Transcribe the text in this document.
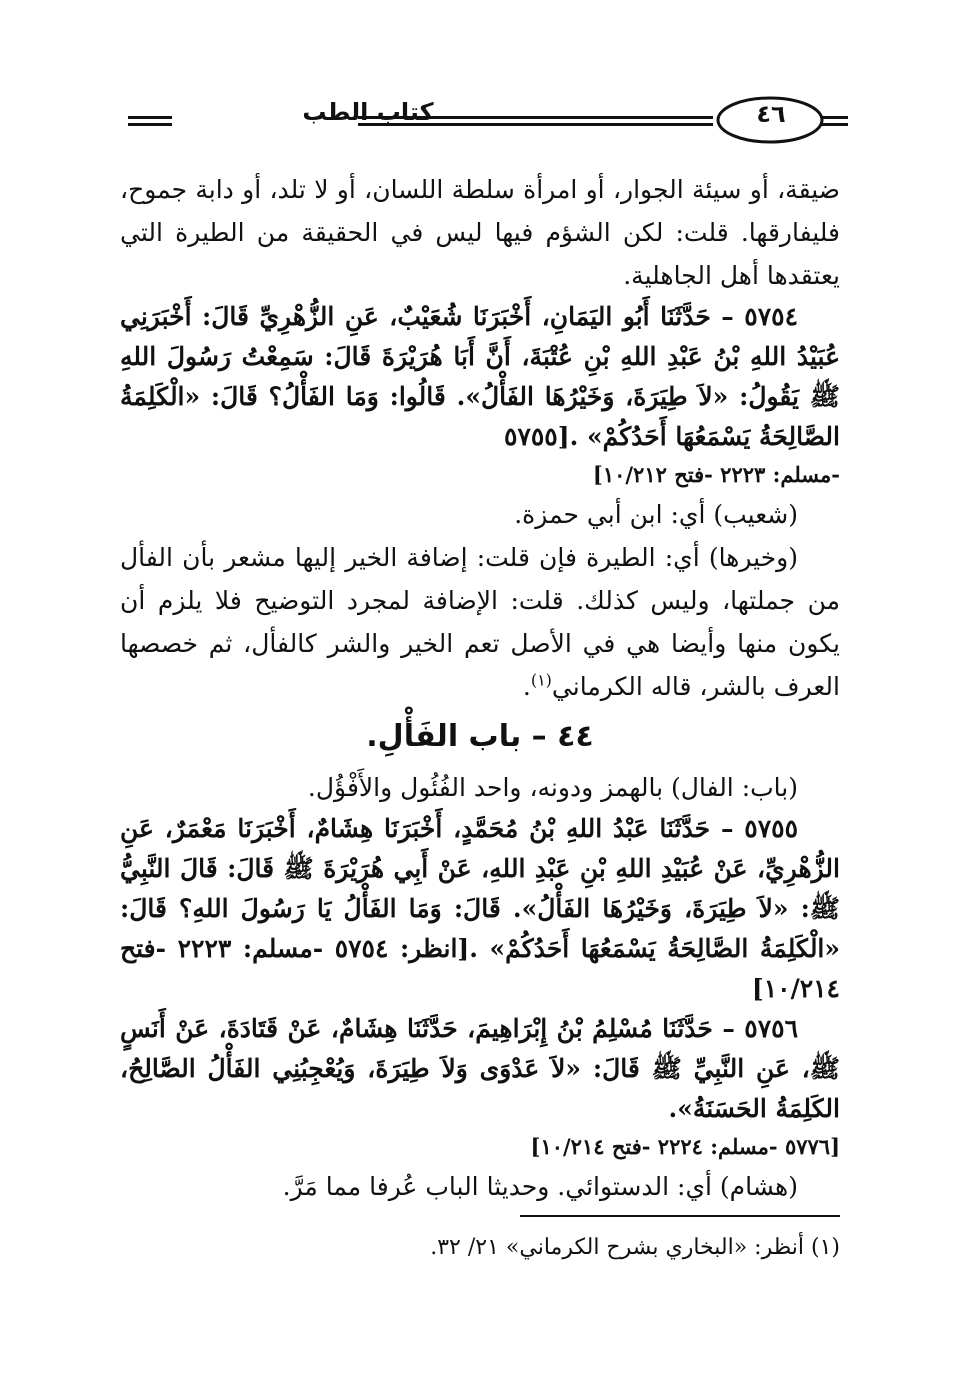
كتاب الطب	٤٦

ضيقة، أو سيئة الجوار، أو امرأة سلطة اللسان، أو لا تلد، أو دابة جموح، فليفارقها. قلت: لكن الشؤم فيها ليس في الحقيقة من الطيرة التي يعتقدها أهل الجاهلية.

٥٧٥٤ – حَدَّثَنَا أَبُو اليَمَانِ، أَخْبَرَنَا شُعَيْبٌ، عَنِ الزُّهْرِيِّ قَالَ: أَخْبَرَنِي عُبَيْدُ اللهِ بْنُ عَبْدِ اللهِ بْنِ عُتْبَةَ، أَنَّ أَبَا هُرَيْرَةَ قَالَ: سَمِعْتُ رَسُولَ اللهِ ﷺ يَقُولُ: «لاَ طِيَرَةَ، وَخَيْرُهَا الفَأْلُ». قَالُوا: وَمَا الفَأْلُ؟ قَالَ: «الْكَلِمَةُ الصَّالِحَةُ يَسْمَعُهَا أَحَدُكُمْ» .[٥٧٥٥

-مسلم: ٢٢٢٣ -فتح ١٠/٢١٢]

(شعيب) أي: ابن أبي حمزة.

(وخيرها) أي: الطيرة فإن قلت: إضافة الخير إليها مشعر بأن الفأل من جملتها، وليس كذلك. قلت: الإضافة لمجرد التوضيح فلا يلزم أن يكون منها وأيضا هي في الأصل تعم الخير والشر كالفأل، ثم خصصها العرف بالشر، قاله الكرماني$^{(١)}$.

٤٤ – باب الفَأْلِ.

(باب: الفال) بالهمز ودونه، واحد الفُئُول والأَفْؤُل.

٥٧٥٥ – حَدَّثَنَا عَبْدُ اللهِ بْنُ مُحَمَّدٍ، أَخْبَرَنَا هِشَامٌ، أَخْبَرَنَا مَعْمَرٌ، عَنِ الزُّهْرِيِّ، عَنْ عُبَيْدِ اللهِ بْنِ عَبْدِ اللهِ، عَنْ أَبِي هُرَيْرَةَ ﷺ قَالَ: قَالَ النَّبِيُّ ﷺ: «لاَ طِيَرَةَ، وَخَيْرُهَا الفَأْلُ». قَالَ: وَمَا الفَأْلُ يَا رَسُولَ اللهِ؟ قَالَ: «الْكَلِمَةُ الصَّالِحَةُ يَسْمَعُهَا أَحَدُكُمْ» .[انظر: ٥٧٥٤ -مسلم: ٢٢٢٣ -فتح ١٠/٢١٤]

٥٧٥٦ – حَدَّثَنَا مُسْلِمُ بْنُ إِبْرَاهِيمَ، حَدَّثَنَا هِشَامٌ، عَنْ قَتَادَةَ، عَنْ أَنَسٍ ﷺ، عَنِ النَّبِيِّ ﷺ قَالَ: «لاَ عَدْوَى وَلاَ طِيَرَةَ، وَيُعْجِبُنِي الفَأْلُ الصَّالِحُ، الكَلِمَةُ الحَسَنَةُ».

[٥٧٧٦ -مسلم: ٢٢٢٤ -فتح ١٠/٢١٤]

(هشام) أي: الدستوائي. وحديثا الباب عُرفا مما مَرَّ.

(١) أنظر: «البخاري بشرح الكرماني» ٢١/ ٣٢.
